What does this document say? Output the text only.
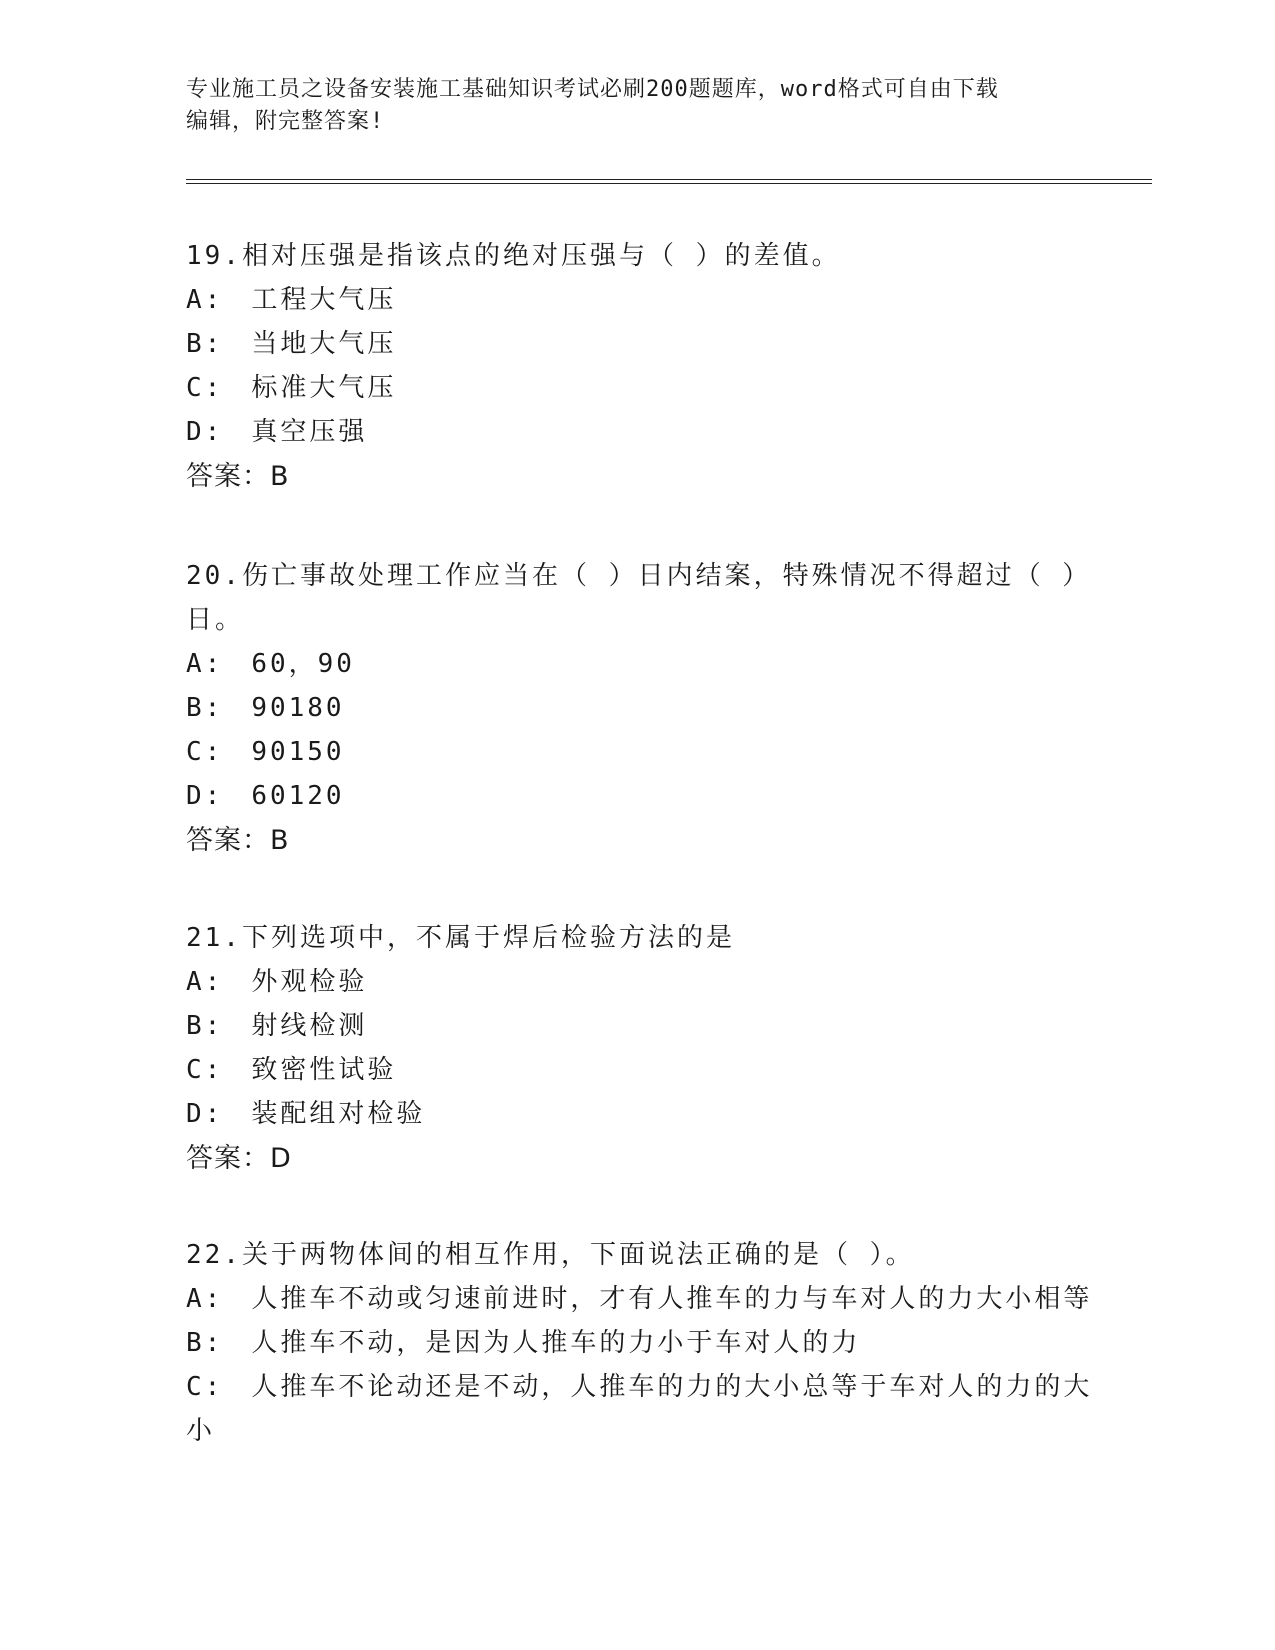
专业施工员之设备安装施工基础知识考试必刷200题题库，word格式可自由下载
编辑，附完整答案!

19.相对压强是指该点的绝对压强与（ ）的差值。

A: 工程大气压

B: 当地大气压

C: 标准大气压

D: 真空压强

答案：B

20.伤亡事故处理工作应当在（ ）日内结案，特殊情况不得超过（ ）

日。

A: 60，90

B: 90180

C: 90150

D: 60120

答案：B

21.下列选项中，不属于焊后检验方法的是

A: 外观检验

B: 射线检测

C: 致密性试验

D: 装配组对检验

答案：D

22.关于两物体间的相互作用，下面说法正确的是（ ）。

A: 人推车不动或匀速前进时，才有人推车的力与车对人的力大小相等

B: 人推车不动，是因为人推车的力小于车对人的力

C: 人推车不论动还是不动，人推车的力的大小总等于车对人的力的大

小
